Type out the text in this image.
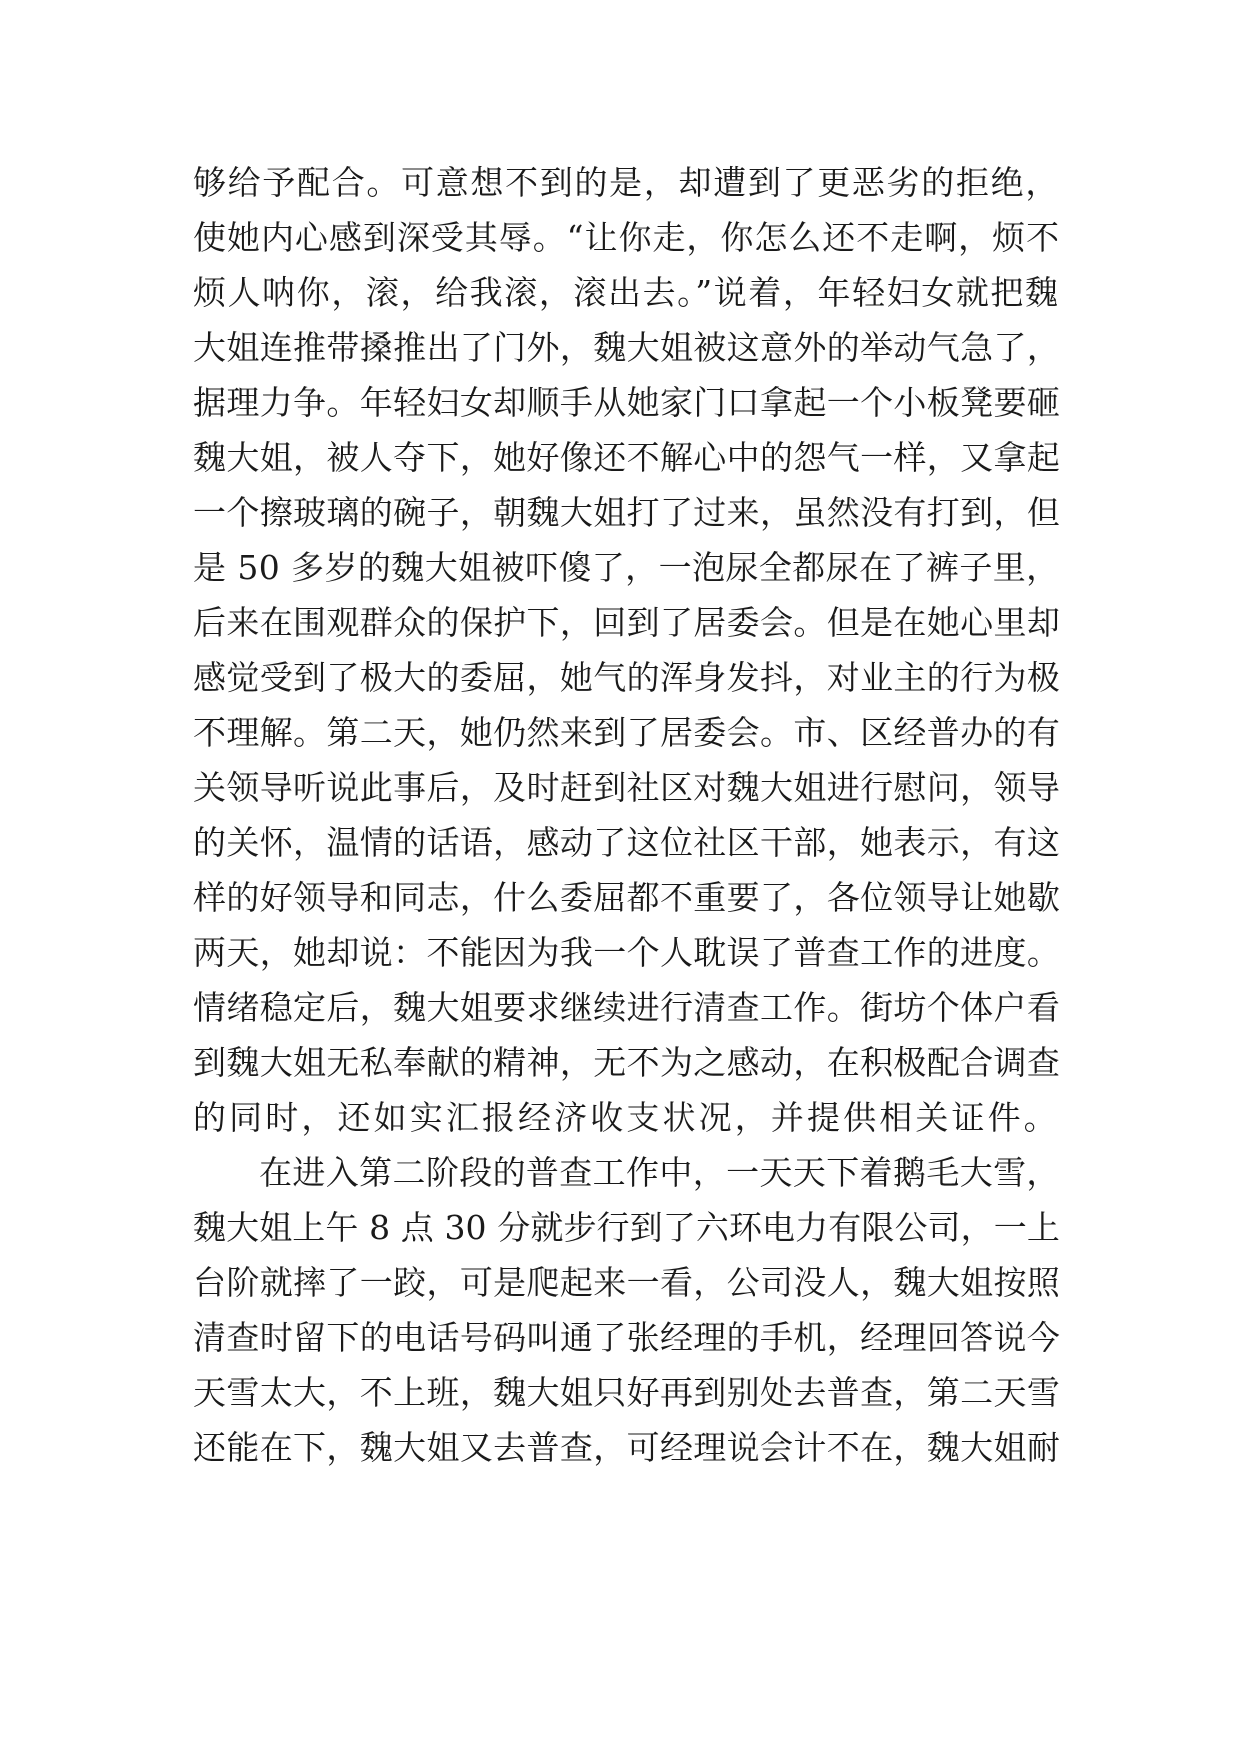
够给予配合。可意想不到的是，却遭到了更恶劣的拒绝，
使她内心感到深受其辱。“让你走，你怎么还不走啊，烦不
烦人呐你，滚，给我滚，滚出去。”说着，年轻妇女就把魏
大姐连推带搡推出了门外，魏大姐被这意外的举动气急了，
据理力争。年轻妇女却顺手从她家门口拿起一个小板凳要砸
魏大姐，被人夺下，她好像还不解心中的怨气一样，又拿起
一个擦玻璃的碗子，朝魏大姐打了过来，虽然没有打到，但
是 50 多岁的魏大姐被吓傻了，一泡尿全都尿在了裤子里，
后来在围观群众的保护下，回到了居委会。但是在她心里却
感觉受到了极大的委屈，她气的浑身发抖，对业主的行为极
不理解。第二天，她仍然来到了居委会。市、区经普办的有
关领导听说此事后，及时赶到社区对魏大姐进行慰问，领导
的关怀，温情的话语，感动了这位社区干部，她表示，有这
样的好领导和同志，什么委屈都不重要了，各位领导让她歇
两天，她却说：不能因为我一个人耽误了普查工作的进度。
情绪稳定后，魏大姐要求继续进行清查工作。街坊个体户看
到魏大姐无私奉献的精神，无不为之感动，在积极配合调查
的同时，还如实汇报经济收支状况，并提供相关证件。
在进入第二阶段的普查工作中，一天天下着鹅毛大雪，
魏大姐上午 8 点 30 分就步行到了六环电力有限公司，一上
台阶就摔了一跤，可是爬起来一看，公司没人，魏大姐按照
清查时留下的电话号码叫通了张经理的手机，经理回答说今
天雪太大，不上班，魏大姐只好再到别处去普查，第二天雪
还能在下，魏大姐又去普查，可经理说会计不在，魏大姐耐
